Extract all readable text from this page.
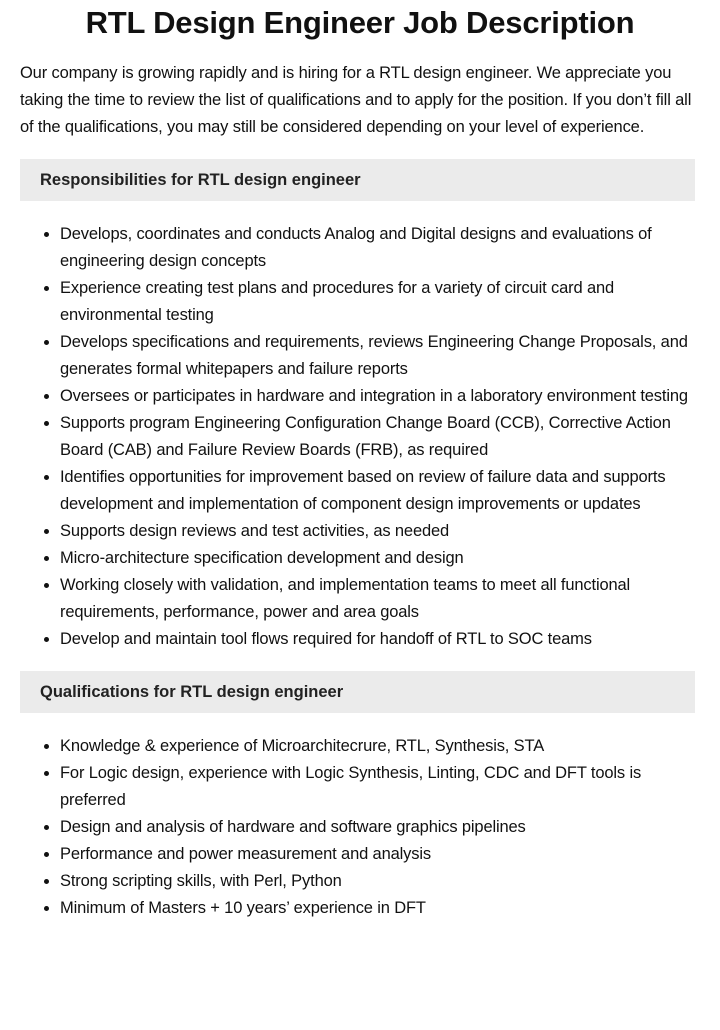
RTL Design Engineer Job Description

Our company is growing rapidly and is hiring for a RTL design engineer. We appreciate you taking the time to review the list of qualifications and to apply for the position. If you don’t fill all of the qualifications, you may still be considered depending on your level of experience.

Responsibilities for RTL design engineer
• Develops, coordinates and conducts Analog and Digital designs and evaluations of engineering design concepts
• Experience creating test plans and procedures for a variety of circuit card and environmental testing
• Develops specifications and requirements, reviews Engineering Change Proposals, and generates formal whitepapers and failure reports
• Oversees or participates in hardware and integration in a laboratory environment testing
• Supports program Engineering Configuration Change Board (CCB), Corrective Action Board (CAB) and Failure Review Boards (FRB), as required
• Identifies opportunities for improvement based on review of failure data and supports development and implementation of component design improvements or updates
• Supports design reviews and test activities, as needed
• Micro-architecture specification development and design
• Working closely with validation, and implementation teams to meet all functional requirements, performance, power and area goals
• Develop and maintain tool flows required for handoff of RTL to SOC teams
Qualifications for RTL design engineer
• Knowledge & experience of Microarchitecrure, RTL, Synthesis, STA
• For Logic design, experience with Logic Synthesis, Linting, CDC and DFT tools is preferred
• Design and analysis of hardware and software graphics pipelines
• Performance and power measurement and analysis
• Strong scripting skills, with Perl, Python
• Minimum of Masters + 10 years’ experience in DFT
